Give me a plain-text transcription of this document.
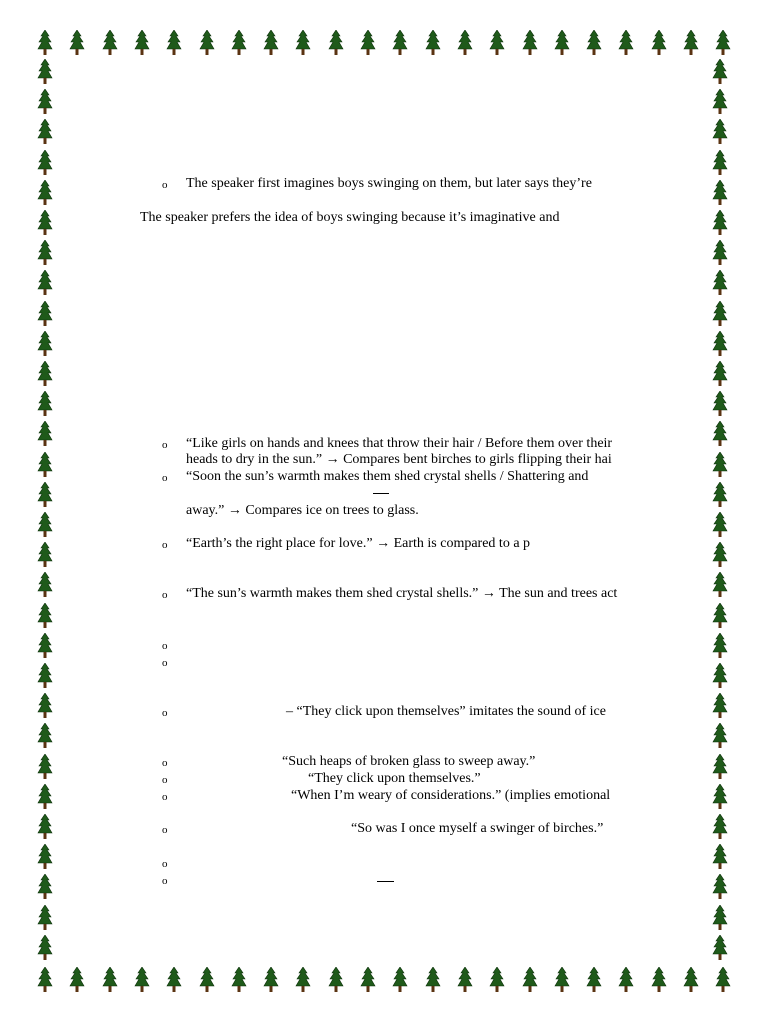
o The speaker first imagines boys swinging on them, but later says they’re
The speaker prefers the idea of boys swinging because it’s imaginative and
o “Like girls on hands and knees that throw their hair / Before them over their
heads to dry in the sun.” → Compares bent birches to girls flipping their hai
o “Soon the sun’s warmth makes them shed crystal shells / Shattering and
away.” → Compares ice on trees to glass.
o “Earth’s the right place for love.” → Earth is compared to a p
o “The sun’s warmth makes them shed crystal shells.” → The sun and trees act
o
o
o	– “They click upon themselves” imitates the sound of ice
o	“Such heaps of broken glass to sweep away.”
o	“They click upon themselves.”
o	“When I’m weary of considerations.” (implies emotional
o	“So was I once myself a swinger of birches.”
o
o
